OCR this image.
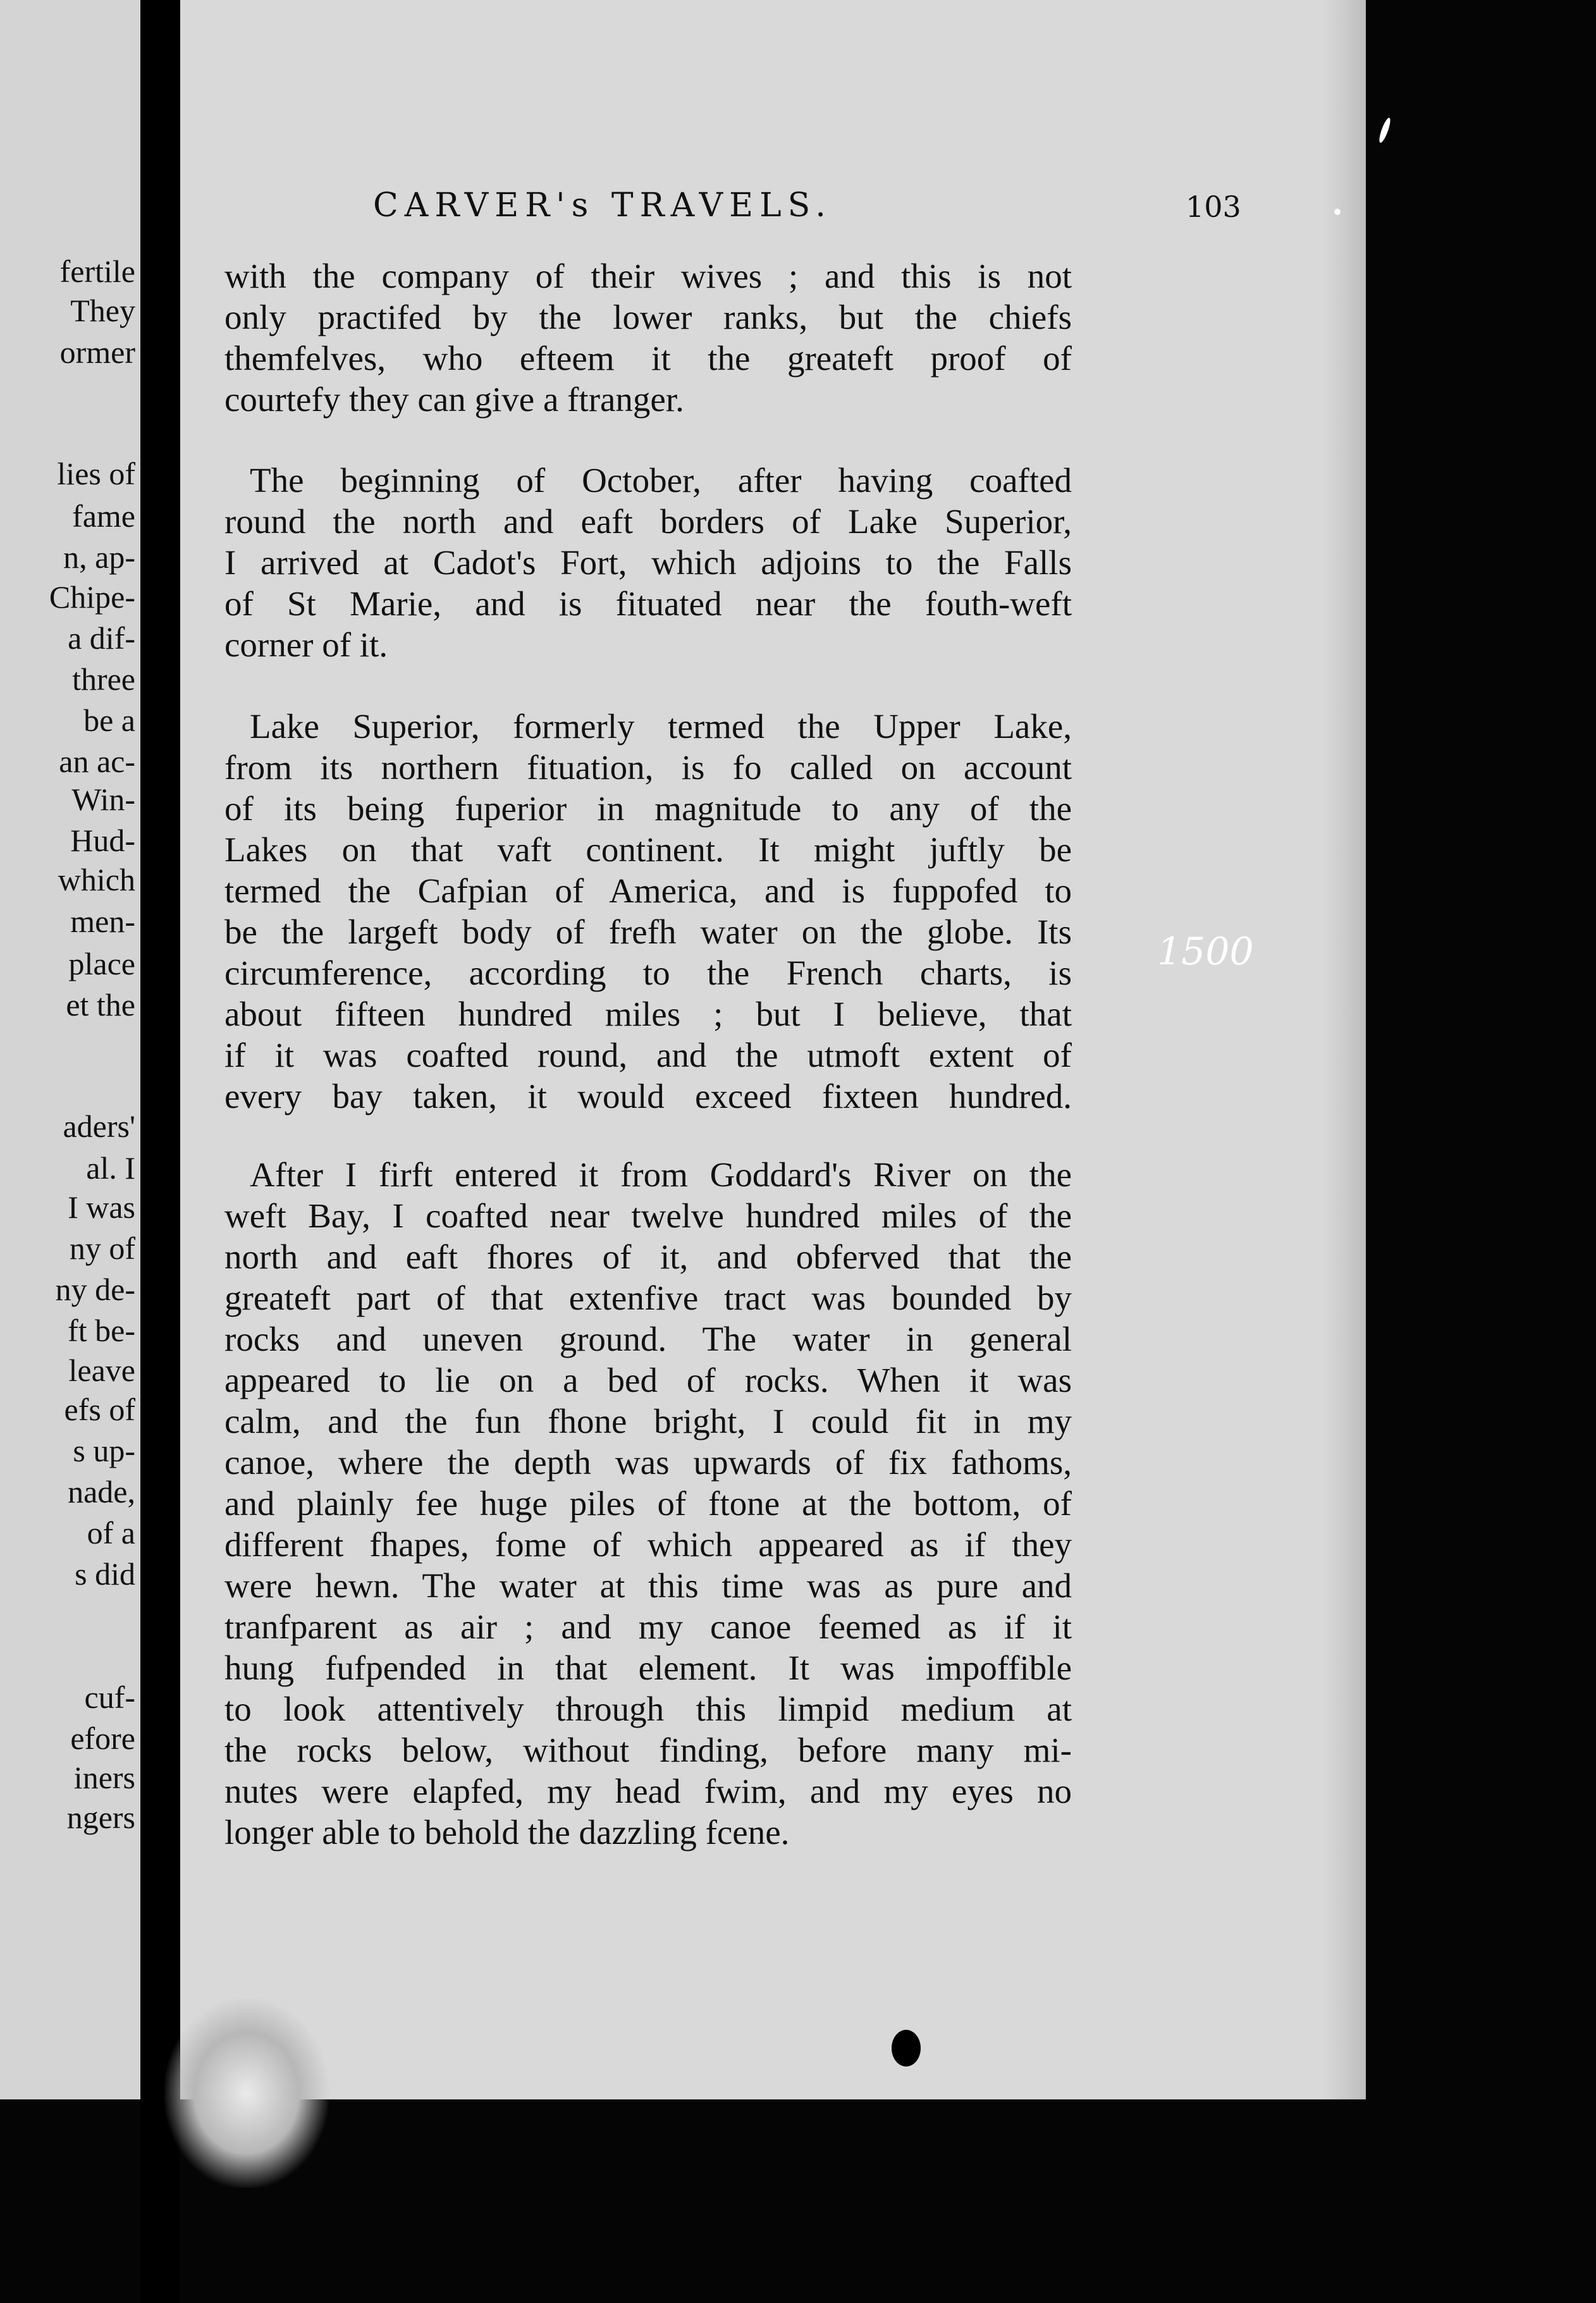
fertile
They
ormer
lies of
fame
n, ap-
Chipe-
a dif-
three
be a
an ac-
Win-
Hud-
which
men-
place
et the
aders'
al. I
I was
ny of
ny de-
ft be-
leave
efs of
s up-
nade,
of a
s did
cuf-
efore
iners
ngers
CARVER's TRAVELS.	103
with the company of their wives ; and this is not
only practifed by the lower ranks, but the chiefs
themfelves, who efteem it the greateft proof of
courtefy they can give a ftranger.
The beginning of October, after having coafted
round the north and eaft borders of Lake Superior,
I arrived at Cadot's Fort, which adjoins to the Falls
of St Marie, and is fituated near the fouth-weft
corner of it.
Lake Superior, formerly termed the Upper Lake,
from its northern fituation, is fo called on account
of its being fuperior in magnitude to any of the
Lakes on that vaft continent. It might juftly be
termed the Cafpian of America, and is fuppofed to
be the largeft body of frefh water on the globe. Its
circumference, according to the French charts, is
about fifteen hundred miles ; but I believe, that
if it was coafted round, and the utmoft extent of
every bay taken, it would exceed fixteen hundred.
After I firft entered it from Goddard's River on the
weft Bay, I coafted near twelve hundred miles of the
north and eaft fhores of it, and obferved that the
greateft part of that extenfive tract was bounded by
rocks and uneven ground. The water in general
appeared to lie on a bed of rocks. When it was
calm, and the fun fhone bright, I could fit in my
canoe, where the depth was upwards of fix fathoms,
and plainly fee huge piles of ftone at the bottom, of
different fhapes, fome of which appeared as if they
were hewn. The water at this time was as pure and
tranfparent as air ; and my canoe feemed as if it
hung fufpended in that element. It was impoffible
to look attentively through this limpid medium at
the rocks below, without finding, before many mi-
nutes were elapfed, my head fwim, and my eyes no
longer able to behold the dazzling fcene.
1500
